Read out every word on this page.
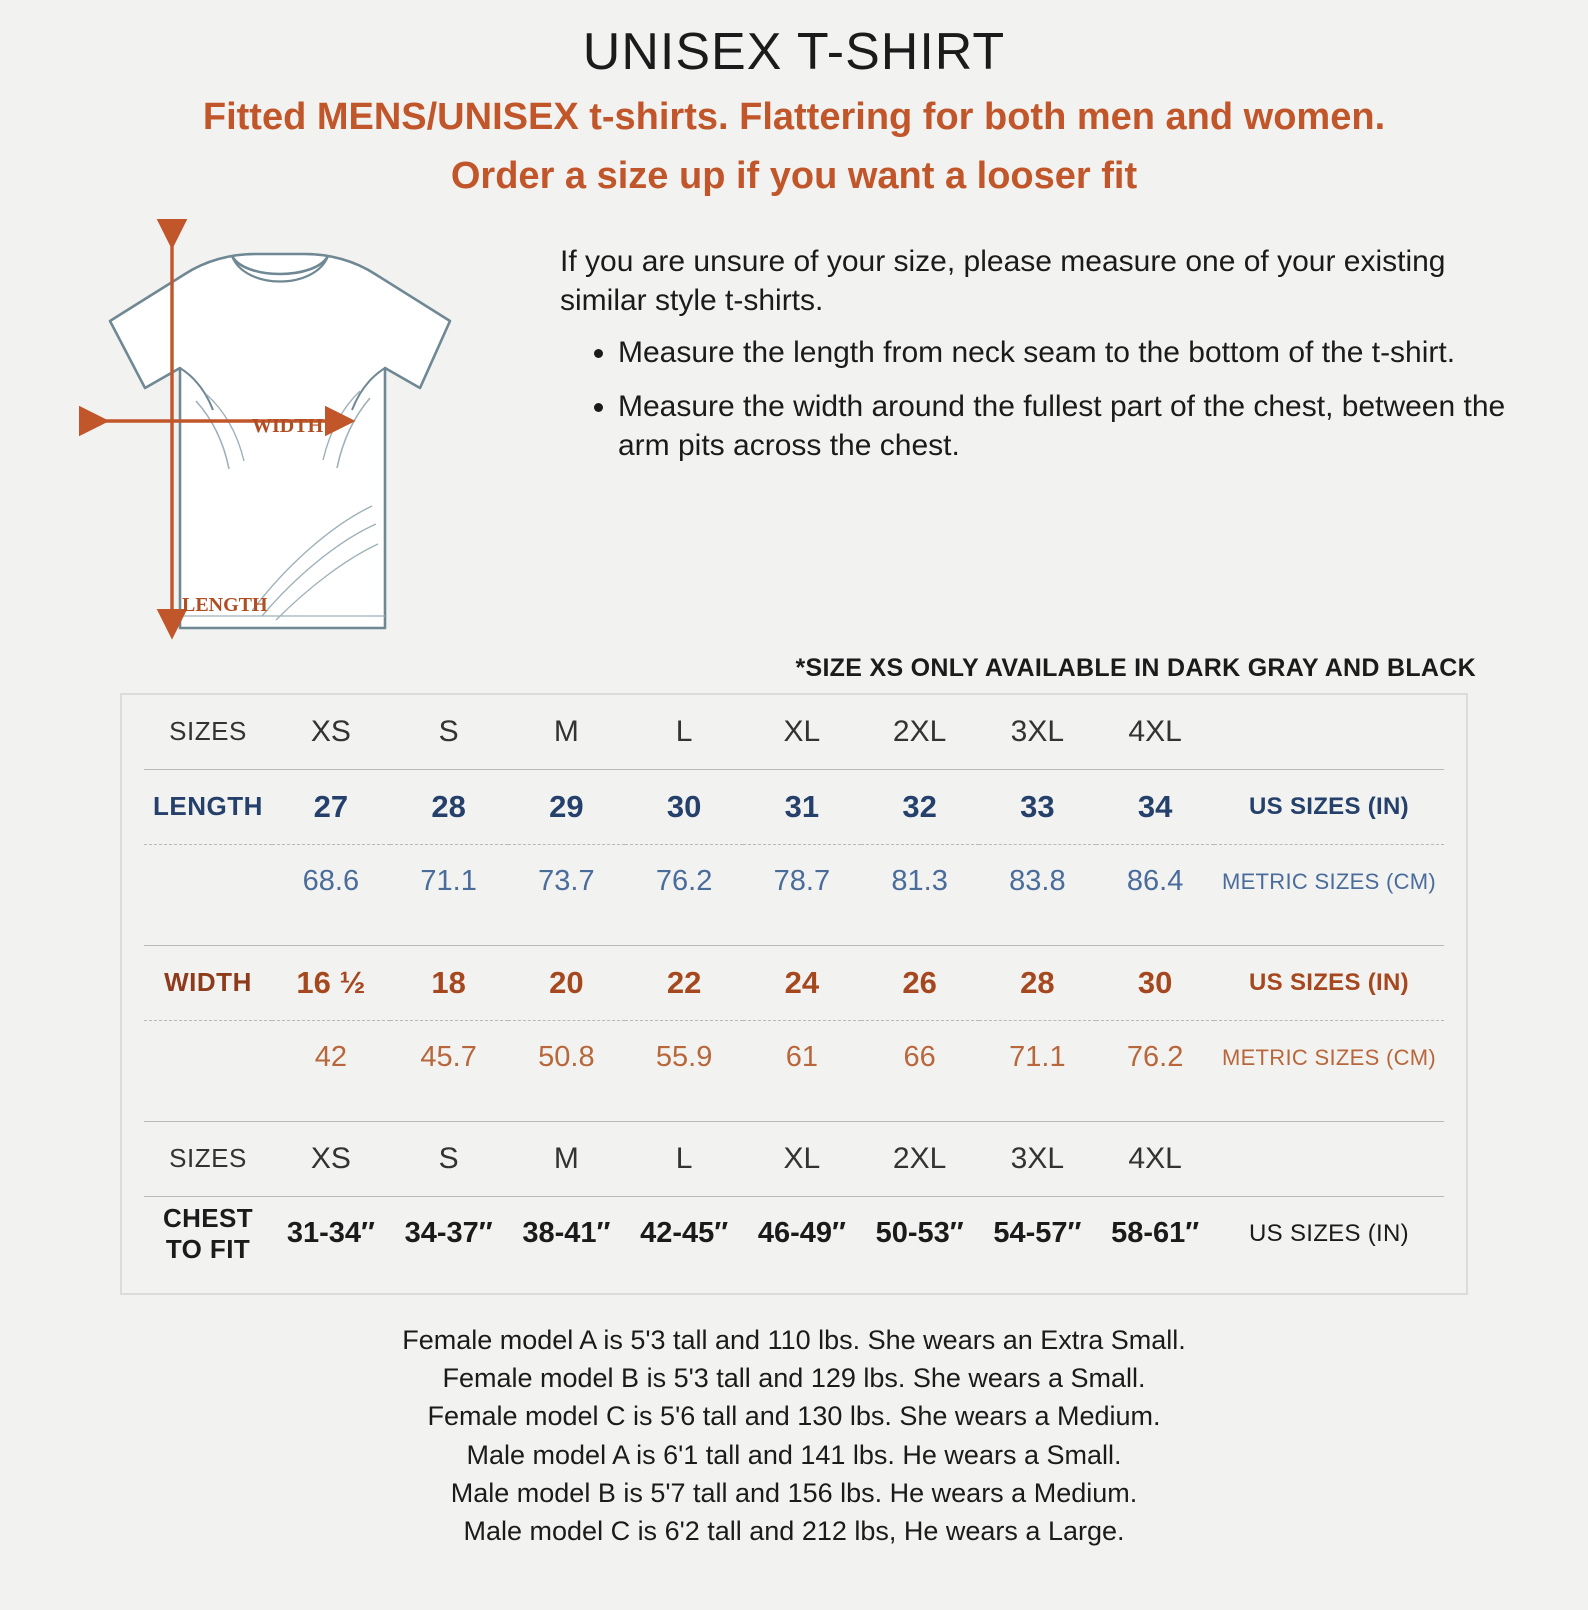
UNISEX T-SHIRT
Fitted MENS/UNISEX t-shirts. Flattering for both men and women.
Order a size up if you want a looser fit
WIDTH
LENGTH

If you are unsure of your size, please measure one of your existing similar style t-shirts.

• Measure the length from neck seam to the bottom of the t-shirt.
• Measure the width around the fullest part of the chest, between the arm pits across the chest.
*SIZE XS ONLY AVAILABLE IN DARK GRAY AND BLACK
SIZES	XS	S	M	L	XL	2XL	3XL	4XL	
LENGTH	27	28	29	30	31	32	33	34	US SIZES (IN)
	68.6	71.1	73.7	76.2	78.7	81.3	83.8	86.4	METRIC SIZES (CM)

WIDTH	16 ½	18	20	22	24	26	28	30	US SIZES (IN)
	42	45.7	50.8	55.9	61	66	71.1	76.2	METRIC SIZES (CM)

SIZES	XS	S	M	L	XL	2XL	3XL	4XL	
CHEST TO FIT	31-34″	34-37″	38-41″	42-45″	46-49″	50-53″	54-57″	58-61″	US SIZES (IN)

Female model A is 5'3 tall and 110 lbs. She wears an Extra Small.
Female model B is 5'3 tall and 129 lbs. She wears a Small.
Female model C is 5'6 tall and 130 lbs. She wears a Medium.
Male model A is 6'1 tall and 141 lbs. He wears a Small.
Male model B is 5'7 tall and 156 lbs. He wears a Medium.
Male model C is 6'2 tall and 212 lbs, He wears a Large.
